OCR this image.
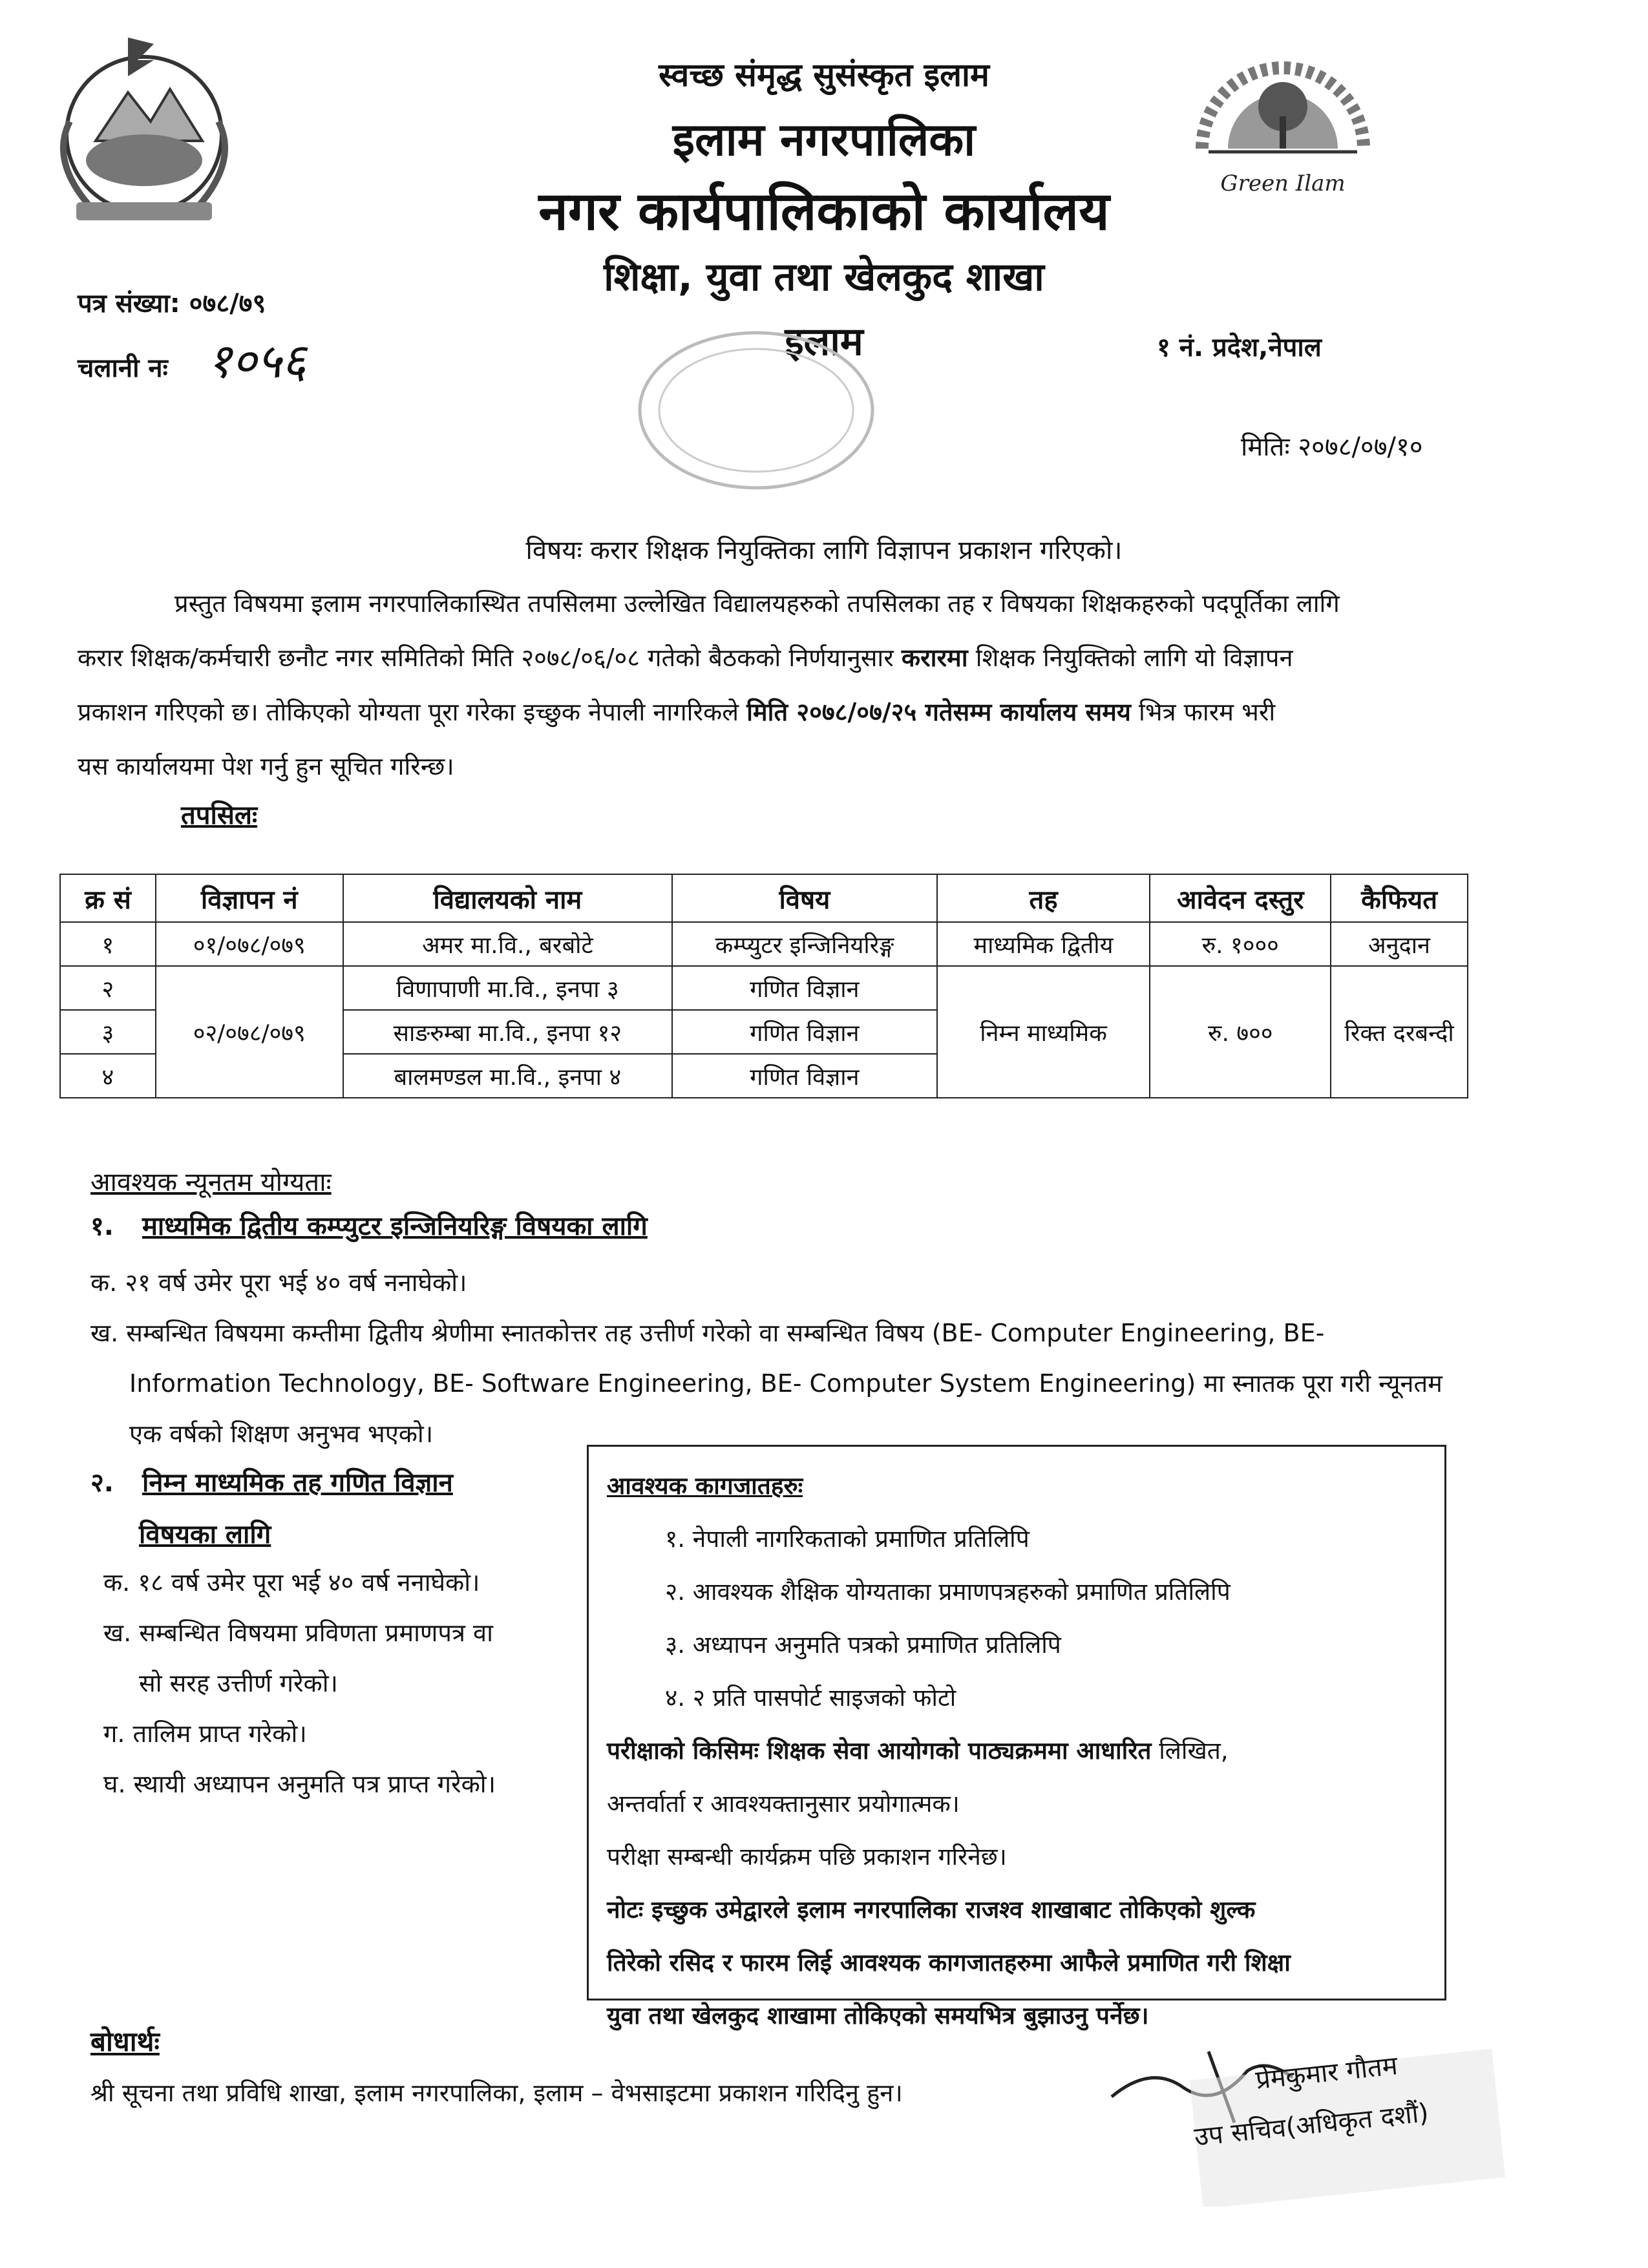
Green Ilam
स्वच्छ संमृद्ध सुसंस्कृत इलाम
इलाम नगरपालिका
नगर कार्यपालिकाको कार्यालय
शिक्षा, युवा तथा खेलकुद शाखा
इलाम
पत्र संख्या: ०७८/७९
चलानी नः १०५६	१ नं. प्रदेश,नेपाल
मितिः २०७८/०७/१०
विषयः करार शिक्षक नियुक्तिका लागि विज्ञापन प्रकाशन गरिएको।
प्रस्तुत विषयमा इलाम नगरपालिकास्थित तपसिलमा उल्लेखित विद्यालयहरुको तपसिलका तह र विषयका शिक्षकहरुको पदपूर्तिका लागि
करार शिक्षक/कर्मचारी छनौट नगर समितिको मिति २०७८/०६/०८ गतेको बैठकको निर्णयानुसार करारमा शिक्षक नियुक्तिको लागि यो विज्ञापन
प्रकाशन गरिएको छ। तोकिएको योग्यता पूरा गरेका इच्छुक नेपाली नागरिकले मिति २०७८/०७/२५ गतेसम्म कार्यालय समय भित्र फारम भरी
यस कार्यालयमा पेश गर्नु हुन सूचित गरिन्छ।
तपसिलः
क्र सं	विज्ञापन नं	विद्यालयको नाम	विषय	तह	आवेदन दस्तुर	कैफियत
१	०१/०७८/०७९	अमर मा.वि., बरबोटे	कम्प्युटर इन्जिनियरिङ्ग	माध्यमिक द्वितीय	रु. १०००	अनुदान
२	०२/०७८/०७९	विणापाणी मा.वि., इनपा ३	गणित विज्ञान	निम्न माध्यमिक	रु. ७००	रिक्त दरबन्दी
३		साङरुम्बा मा.वि., इनपा १२	गणित विज्ञान			
४		बालमण्डल मा.वि., इनपा ४	गणित विज्ञान			
आवश्यक न्यूनतम योग्यताः
१. माध्यमिक द्वितीय कम्प्युटर इन्जिनियरिङ्ग विषयका लागि
क. २१ वर्ष उमेर पूरा भई ४० वर्ष ननाघेको।
ख. सम्बन्धित विषयमा कम्तीमा द्वितीय श्रेणीमा स्नातकोत्तर तह उत्तीर्ण गरेको वा सम्बन्धित विषय (BE- Computer Engineering, BE-
Information Technology, BE- Software Engineering, BE- Computer System Engineering) मा स्नातक पूरा गरी न्यूनतम
एक वर्षको शिक्षण अनुभव भएको।
२. निम्न माध्यमिक तह गणित विज्ञान
विषयका लागि
क. १८ वर्ष उमेर पूरा भई ४० वर्ष ननाघेको।
ख. सम्बन्धित विषयमा प्रविणता प्रमाणपत्र वा
सो सरह उत्तीर्ण गरेको।
ग. तालिम प्राप्त गरेको।
घ. स्थायी अध्यापन अनुमति पत्र प्राप्त गरेको।
आवश्यक कागजातहरुः
१. नेपाली नागरिकताको प्रमाणित प्रतिलिपि
२. आवश्यक शैक्षिक योग्यताका प्रमाणपत्रहरुको प्रमाणित प्रतिलिपि
३. अध्यापन अनुमति पत्रको प्रमाणित प्रतिलिपि
४. २ प्रति पासपोर्ट साइजको फोटो
परीक्षाको किसिमः शिक्षक सेवा आयोगको पाठ्यक्रममा आधारित लिखित,
अन्तर्वार्ता र आवश्यक्तानुसार प्रयोगात्मक।
परीक्षा सम्बन्धी कार्यक्रम पछि प्रकाशन गरिनेछ।
नोटः इच्छुक उमेद्वारले इलाम नगरपालिका राजश्व शाखाबाट तोकिएको शुल्क
तिरेको रसिद र फारम लिई आवश्यक कागजातहरुमा आफैले प्रमाणित गरी शिक्षा
युवा तथा खेलकुद शाखामा तोकिएको समयभित्र बुझाउनु पर्नेछ।
बोधार्थः
श्री सूचना तथा प्रविधि शाखा, इलाम नगरपालिका, इलाम – वेभसाइटमा प्रकाशन गरिदिनु हुन।	प्रेमकुमार गौतम
उप सचिव(अधिकृत दशौं)
